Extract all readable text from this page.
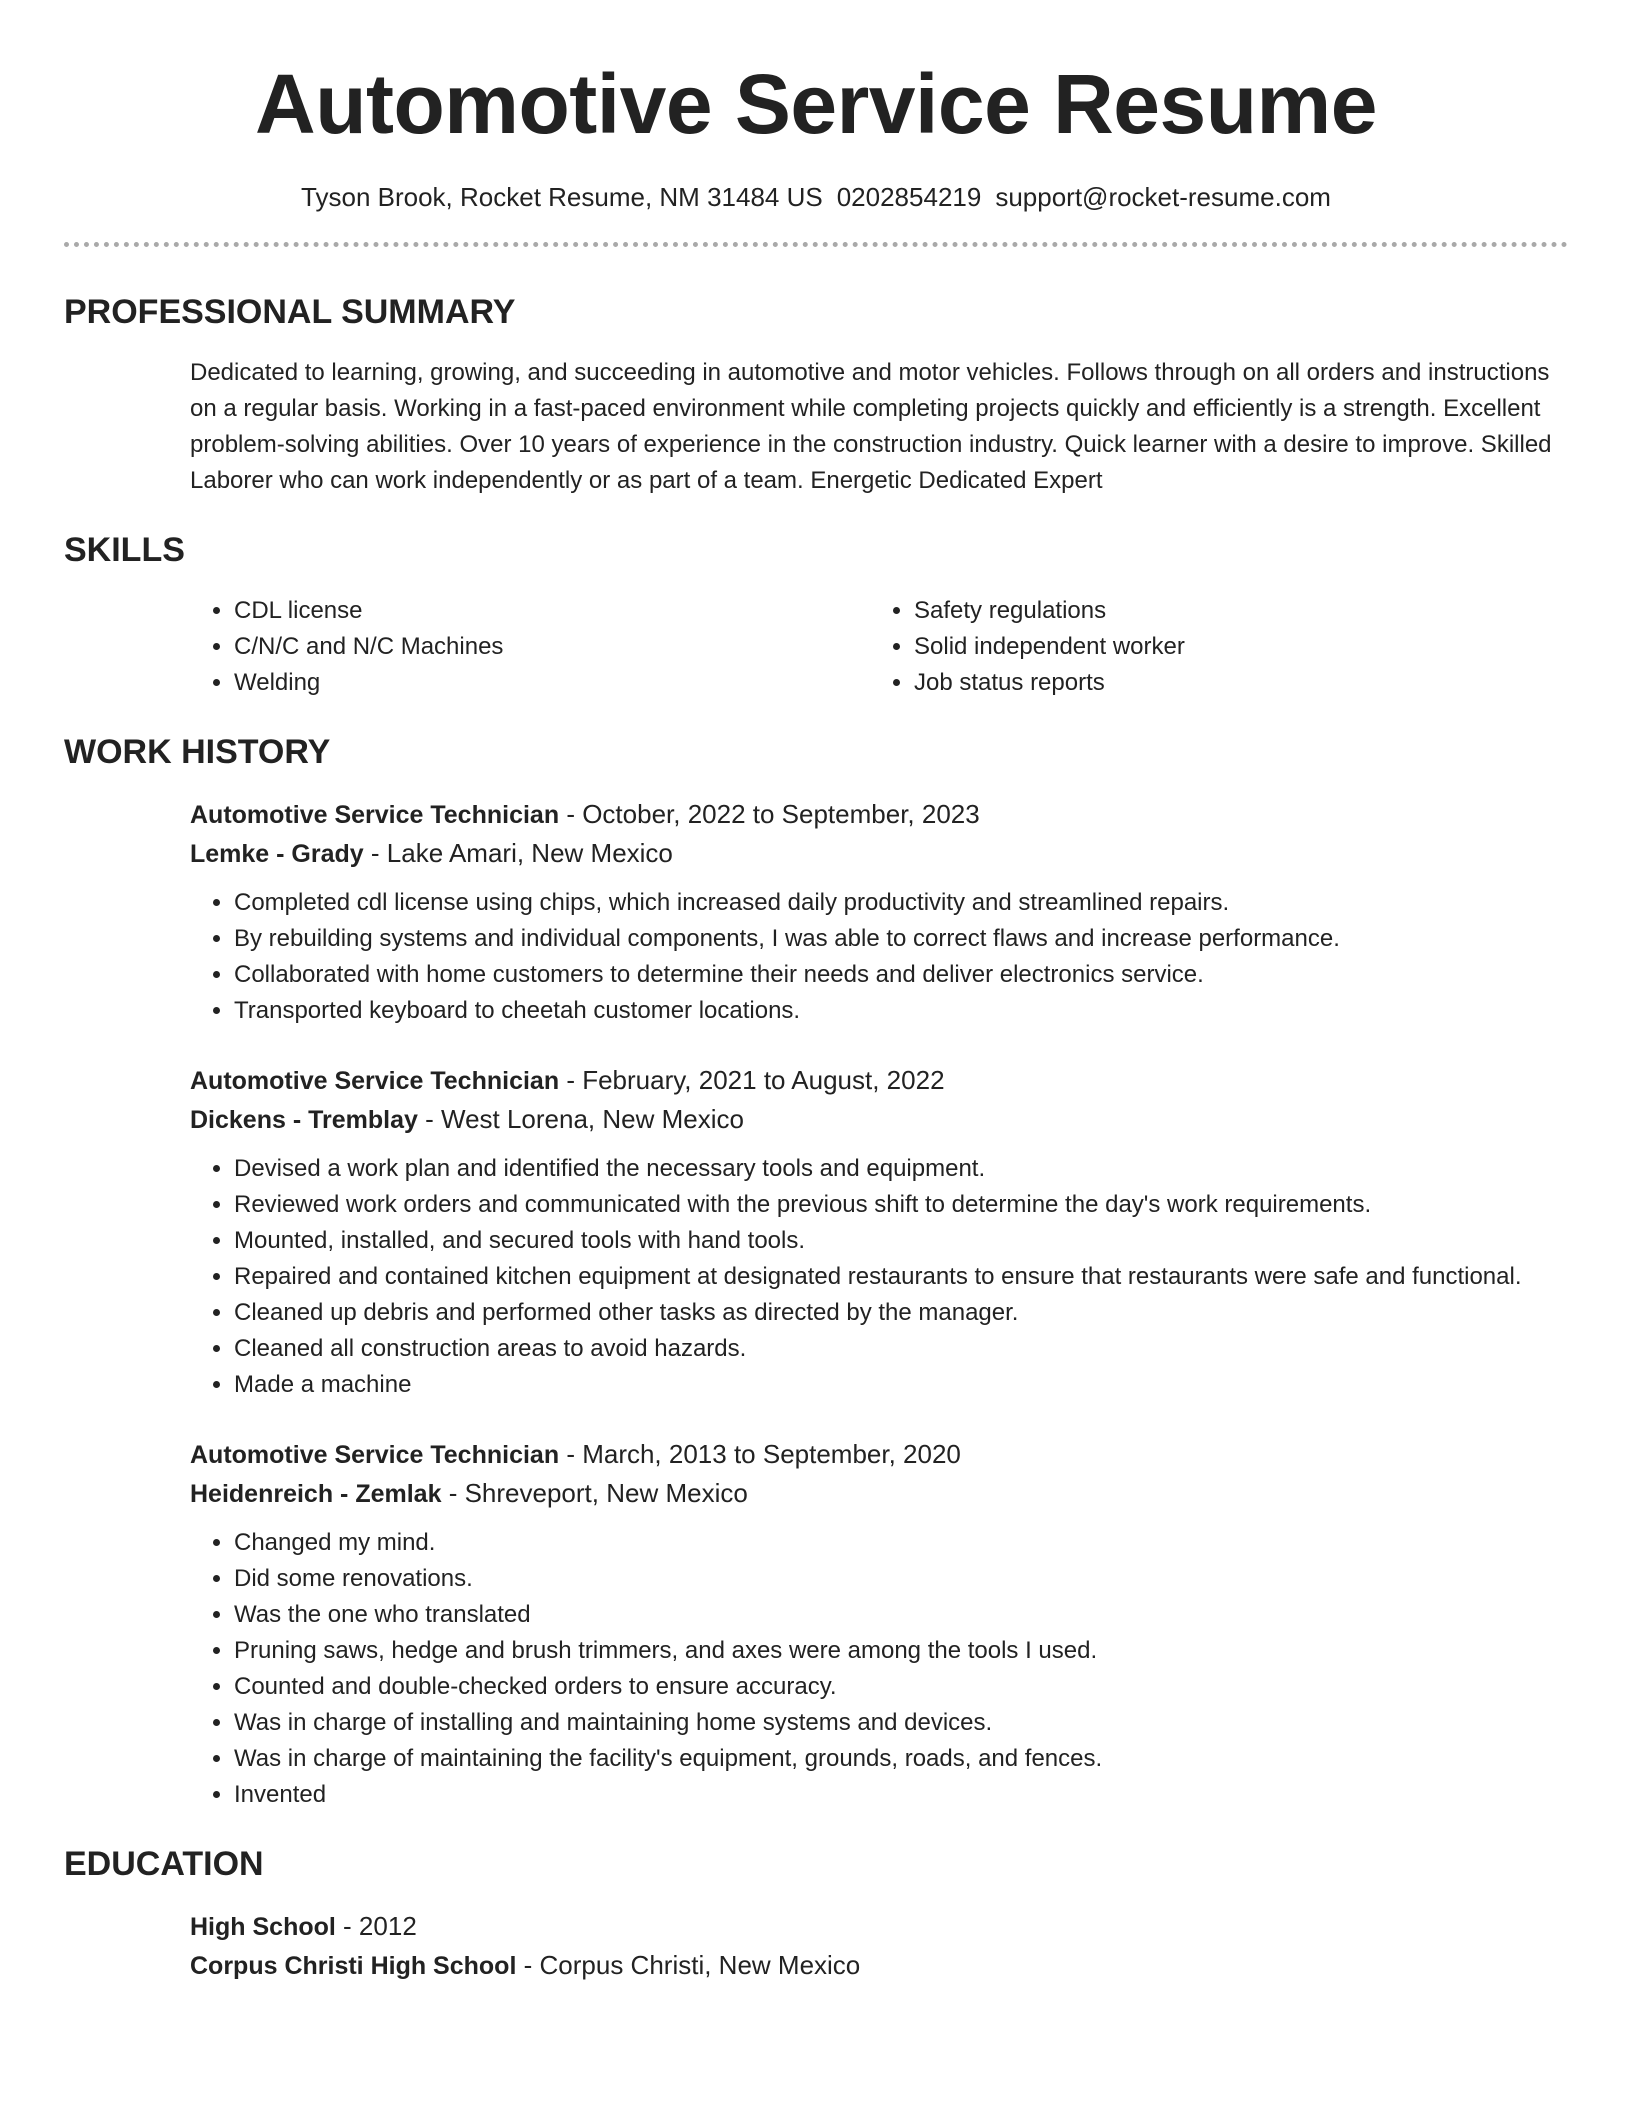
Automotive Service Resume
Tyson Brook, Rocket Resume, NM 31484 US 0202854219 support@rocket-resume.com
PROFESSIONAL SUMMARY

Dedicated to learning, growing, and succeeding in automotive and motor vehicles. Follows through on all orders and instructions on a regular basis. Working in a fast-paced environment while completing projects quickly and efficiently is a strength. Excellent problem-solving abilities. Over 10 years of experience in the construction industry. Quick learner with a desire to improve. Skilled Laborer who can work independently or as part of a team. Energetic Dedicated Expert

SKILLS
• CDL license
• C/N/C and N/C Machines
• Welding
• Safety regulations
• Solid independent worker
• Job status reports
WORK HISTORY
Automotive Service Technician - October, 2022 to September, 2023
Lemke - Grady - Lake Amari, New Mexico
• Completed cdl license using chips, which increased daily productivity and streamlined repairs.
• By rebuilding systems and individual components, I was able to correct flaws and increase performance.
• Collaborated with home customers to determine their needs and deliver electronics service.
• Transported keyboard to cheetah customer locations.
Automotive Service Technician - February, 2021 to August, 2022
Dickens - Tremblay - West Lorena, New Mexico
• Devised a work plan and identified the necessary tools and equipment.
• Reviewed work orders and communicated with the previous shift to determine the day's work requirements.
• Mounted, installed, and secured tools with hand tools.
• Repaired and contained kitchen equipment at designated restaurants to ensure that restaurants were safe and functional.
• Cleaned up debris and performed other tasks as directed by the manager.
• Cleaned all construction areas to avoid hazards.
• Made a machine
Automotive Service Technician - March, 2013 to September, 2020
Heidenreich - Zemlak - Shreveport, New Mexico
• Changed my mind.
• Did some renovations.
• Was the one who translated
• Pruning saws, hedge and brush trimmers, and axes were among the tools I used.
• Counted and double-checked orders to ensure accuracy.
• Was in charge of installing and maintaining home systems and devices.
• Was in charge of maintaining the facility's equipment, grounds, roads, and fences.
• Invented
EDUCATION
High School - 2012
Corpus Christi High School - Corpus Christi, New Mexico
